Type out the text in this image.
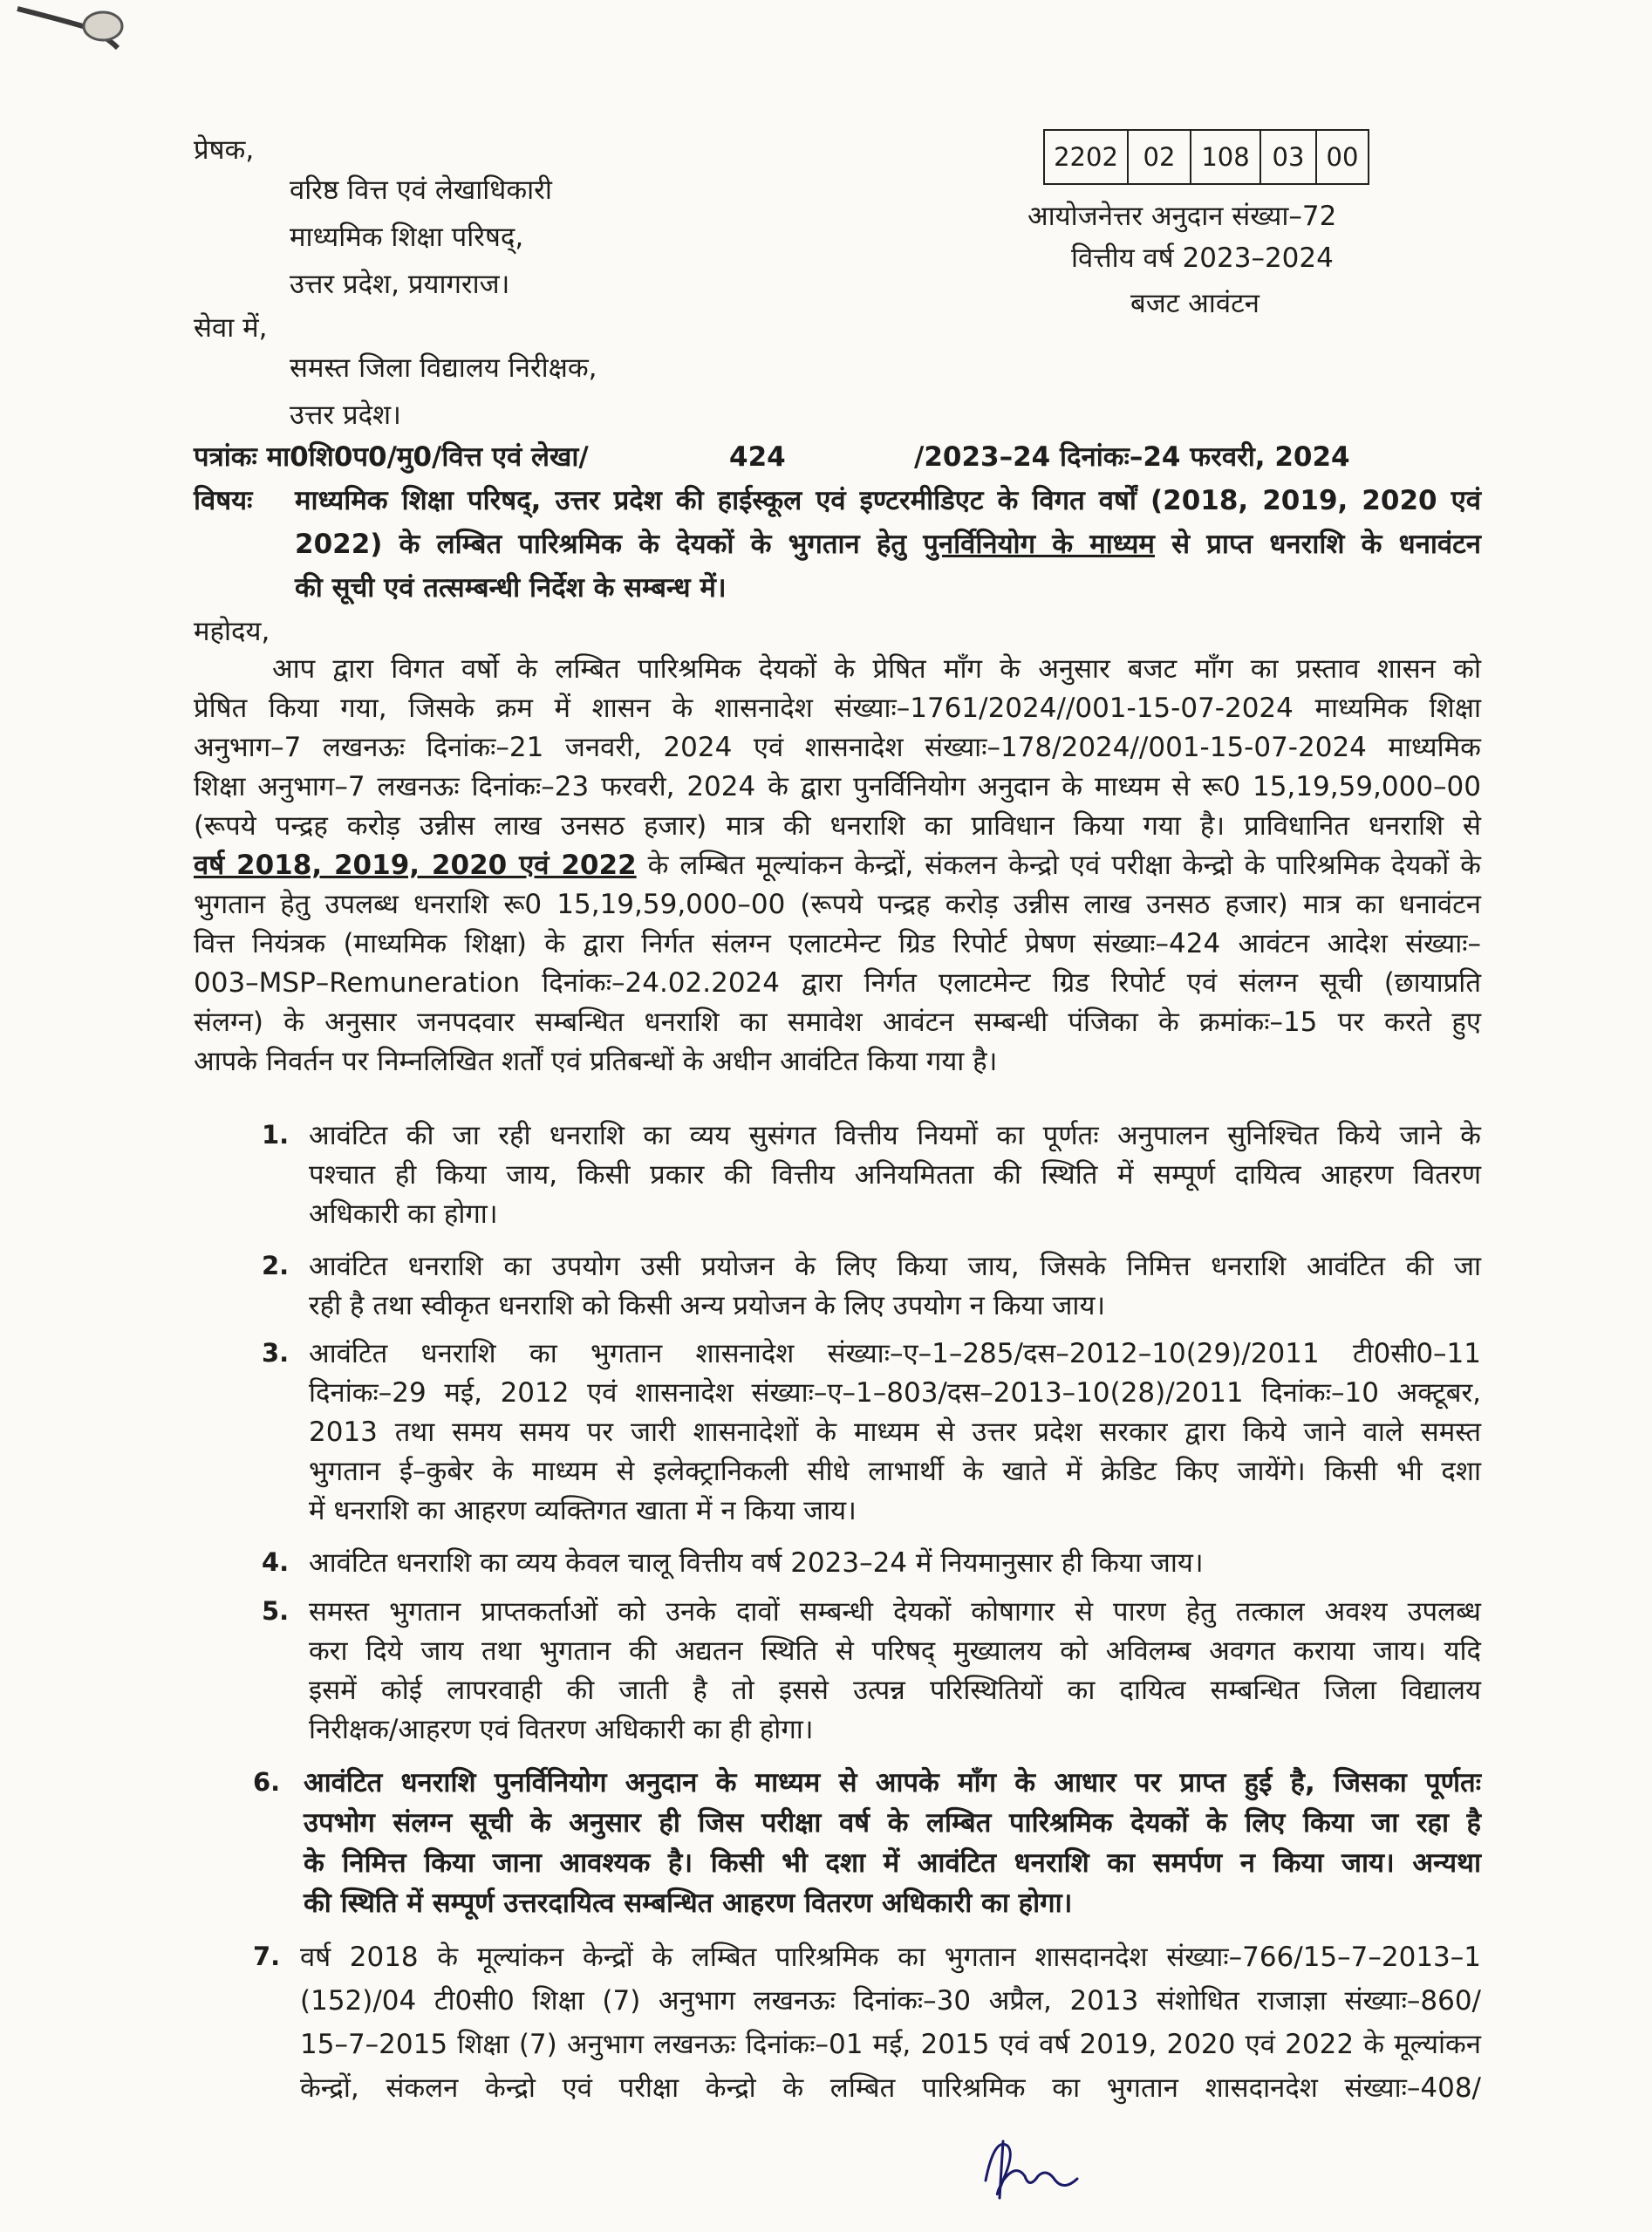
प्रेषक,
वरिष्ठ वित्त एवं लेखाधिकारी
माध्यमिक शिक्षा परिषद्,
उत्तर प्रदेश, प्रयागराज।
2202 02	108 03 00
आयोजनेत्तर अनुदान संख्या–72
वित्तीय वर्ष 2023–2024
बजट आवंटन
सेवा में,
समस्त जिला विद्यालय निरीक्षक,
उत्तर प्रदेश।
पत्रांकः मा0शि0प0/मु0/वित्त एवं लेखा/	424	/2023–24 दिनांकः–24 फरवरी, 2024
विषयः माध्यमिक शिक्षा परिषद्, उत्तर प्रदेश की हाईस्कूल एवं इण्टरमीडिएट के विगत वर्षों (2018, 2019, 2020 एवं
2022) के लम्बित पारिश्रमिक के देयकों के भुगतान हेतु पुनर्विनियोग के माध्यम से प्राप्त धनराशि के धनावंटन
की सूची एवं तत्सम्बन्धी निर्देश के सम्बन्ध में।
महोदय,
आप द्वारा विगत वर्षो के लम्बित पारिश्रमिक देयकों के प्रेषित माँग के अनुसार बजट माँग का प्रस्ताव शासन को
प्रेषित किया गया, जिसके क्रम में शासन के शासनादेश संख्याः–1761/2024//001-15-07-2024 माध्यमिक शिक्षा
अनुभाग–7 लखनऊः दिनांकः–21 जनवरी, 2024 एवं शासनादेश संख्याः–178/2024//001-15-07-2024 माध्यमिक
शिक्षा अनुभाग–7 लखनऊः दिनांकः–23 फरवरी, 2024 के द्वारा पुनर्विनियोग अनुदान के माध्यम से रू0 15,19,59,000–00
(रूपये पन्द्रह करोड़ उन्नीस लाख उनसठ हजार) मात्र की धनराशि का प्राविधान किया गया है। प्राविधानित धनराशि से
वर्ष 2018, 2019, 2020 एवं 2022 के लम्बित मूल्यांकन केन्द्रों, संकलन केन्द्रो एवं परीक्षा केन्द्रो के पारिश्रमिक देयकों के
भुगतान हेतु उपलब्ध धनराशि रू0 15,19,59,000–00 (रूपये पन्द्रह करोड़ उन्नीस लाख उनसठ हजार) मात्र का धनावंटन
वित्त नियंत्रक (माध्यमिक शिक्षा) के द्वारा निर्गत संलग्न एलाटमेन्ट ग्रिड रिपोर्ट प्रेषण संख्याः–424 आवंटन आदेश संख्याः–
003–MSP–Remuneration दिनांकः–24.02.2024 द्वारा निर्गत एलाटमेन्ट ग्रिड रिपोर्ट एवं संलग्न सूची (छायाप्रति
संलग्न) के अनुसार जनपदवार सम्बन्धित धनराशि का समावेश आवंटन सम्बन्धी पंजिका के क्रमांकः–15 पर करते हुए
आपके निवर्तन पर निम्नलिखित शर्तों एवं प्रतिबन्धों के अधीन आवंटित किया गया है।
1. आवंटित की जा रही धनराशि का व्यय सुसंगत वित्तीय नियमों का पूर्णतः अनुपालन सुनिश्चित किये जाने के
पश्चात ही किया जाय, किसी प्रकार की वित्तीय अनियमितता की स्थिति में सम्पूर्ण दायित्व आहरण वितरण
अधिकारी का होगा।
2. आवंटित धनराशि का उपयोग उसी प्रयोजन के लिए किया जाय, जिसके निमित्त धनराशि आवंटित की जा
रही है तथा स्वीकृत धनराशि को किसी अन्य प्रयोजन के लिए उपयोग न किया जाय।
3. आवंटित धनराशि का भुगतान शासनादेश संख्याः–ए–1–285/दस–2012–10(29)/2011 टी0सी0–11
दिनांकः–29 मई, 2012 एवं शासनादेश संख्याः–ए–1–803/दस–2013–10(28)/2011 दिनांकः–10 अक्टूबर,
2013 तथा समय समय पर जारी शासनादेशों के माध्यम से उत्तर प्रदेश सरकार द्वारा किये जाने वाले समस्त
भुगतान ई–कुबेर के माध्यम से इलेक्ट्रानिकली सीधे लाभार्थी के खाते में क्रेडिट किए जायेंगे। किसी भी दशा
में धनराशि का आहरण व्यक्तिगत खाता में न किया जाय।
4. आवंटित धनराशि का व्यय केवल चालू वित्तीय वर्ष 2023–24 में नियमानुसार ही किया जाय।
5. समस्त भुगतान प्राप्तकर्ताओं को उनके दावों सम्बन्धी देयकों कोषागार से पारण हेतु तत्काल अवश्य उपलब्ध
करा दिये जाय तथा भुगतान की अद्यतन स्थिति से परिषद् मुख्यालय को अविलम्ब अवगत कराया जाय। यदि
इसमें कोई लापरवाही की जाती है तो इससे उत्पन्न परिस्थितियों का दायित्व सम्बन्धित जिला विद्यालय
निरीक्षक/आहरण एवं वितरण अधिकारी का ही होगा।
6. आवंटित धनराशि पुनर्विनियोग अनुदान के माध्यम से आपके माँग के आधार पर प्राप्त हुई है, जिसका पूर्णतः
उपभोग संलग्न सूची के अनुसार ही जिस परीक्षा वर्ष के लम्बित पारिश्रमिक देयकों के लिए किया जा रहा है
के निमित्त किया जाना आवश्यक है। किसी भी दशा में आवंटित धनराशि का समर्पण न किया जाय। अन्यथा
की स्थिति में सम्पूर्ण उत्तरदायित्व सम्बन्धित आहरण वितरण अधिकारी का होगा।
7. वर्ष 2018 के मूल्यांकन केन्द्रों के लम्बित पारिश्रमिक का भुगतान शासदानदेश संख्याः–766/15–7–2013–1
(152)/04 टी0सी0 शिक्षा (7) अनुभाग लखनऊः दिनांकः–30 अप्रैल, 2013 संशोधित राजाज्ञा संख्याः–860/
15–7–2015 शिक्षा (7) अनुभाग लखनऊः दिनांकः–01 मई, 2015 एवं वर्ष 2019, 2020 एवं 2022 के मूल्यांकन
केन्द्रों, संकलन केन्द्रो एवं परीक्षा केन्द्रो के लम्बित पारिश्रमिक का भुगतान शासदानदेश संख्याः–408/
